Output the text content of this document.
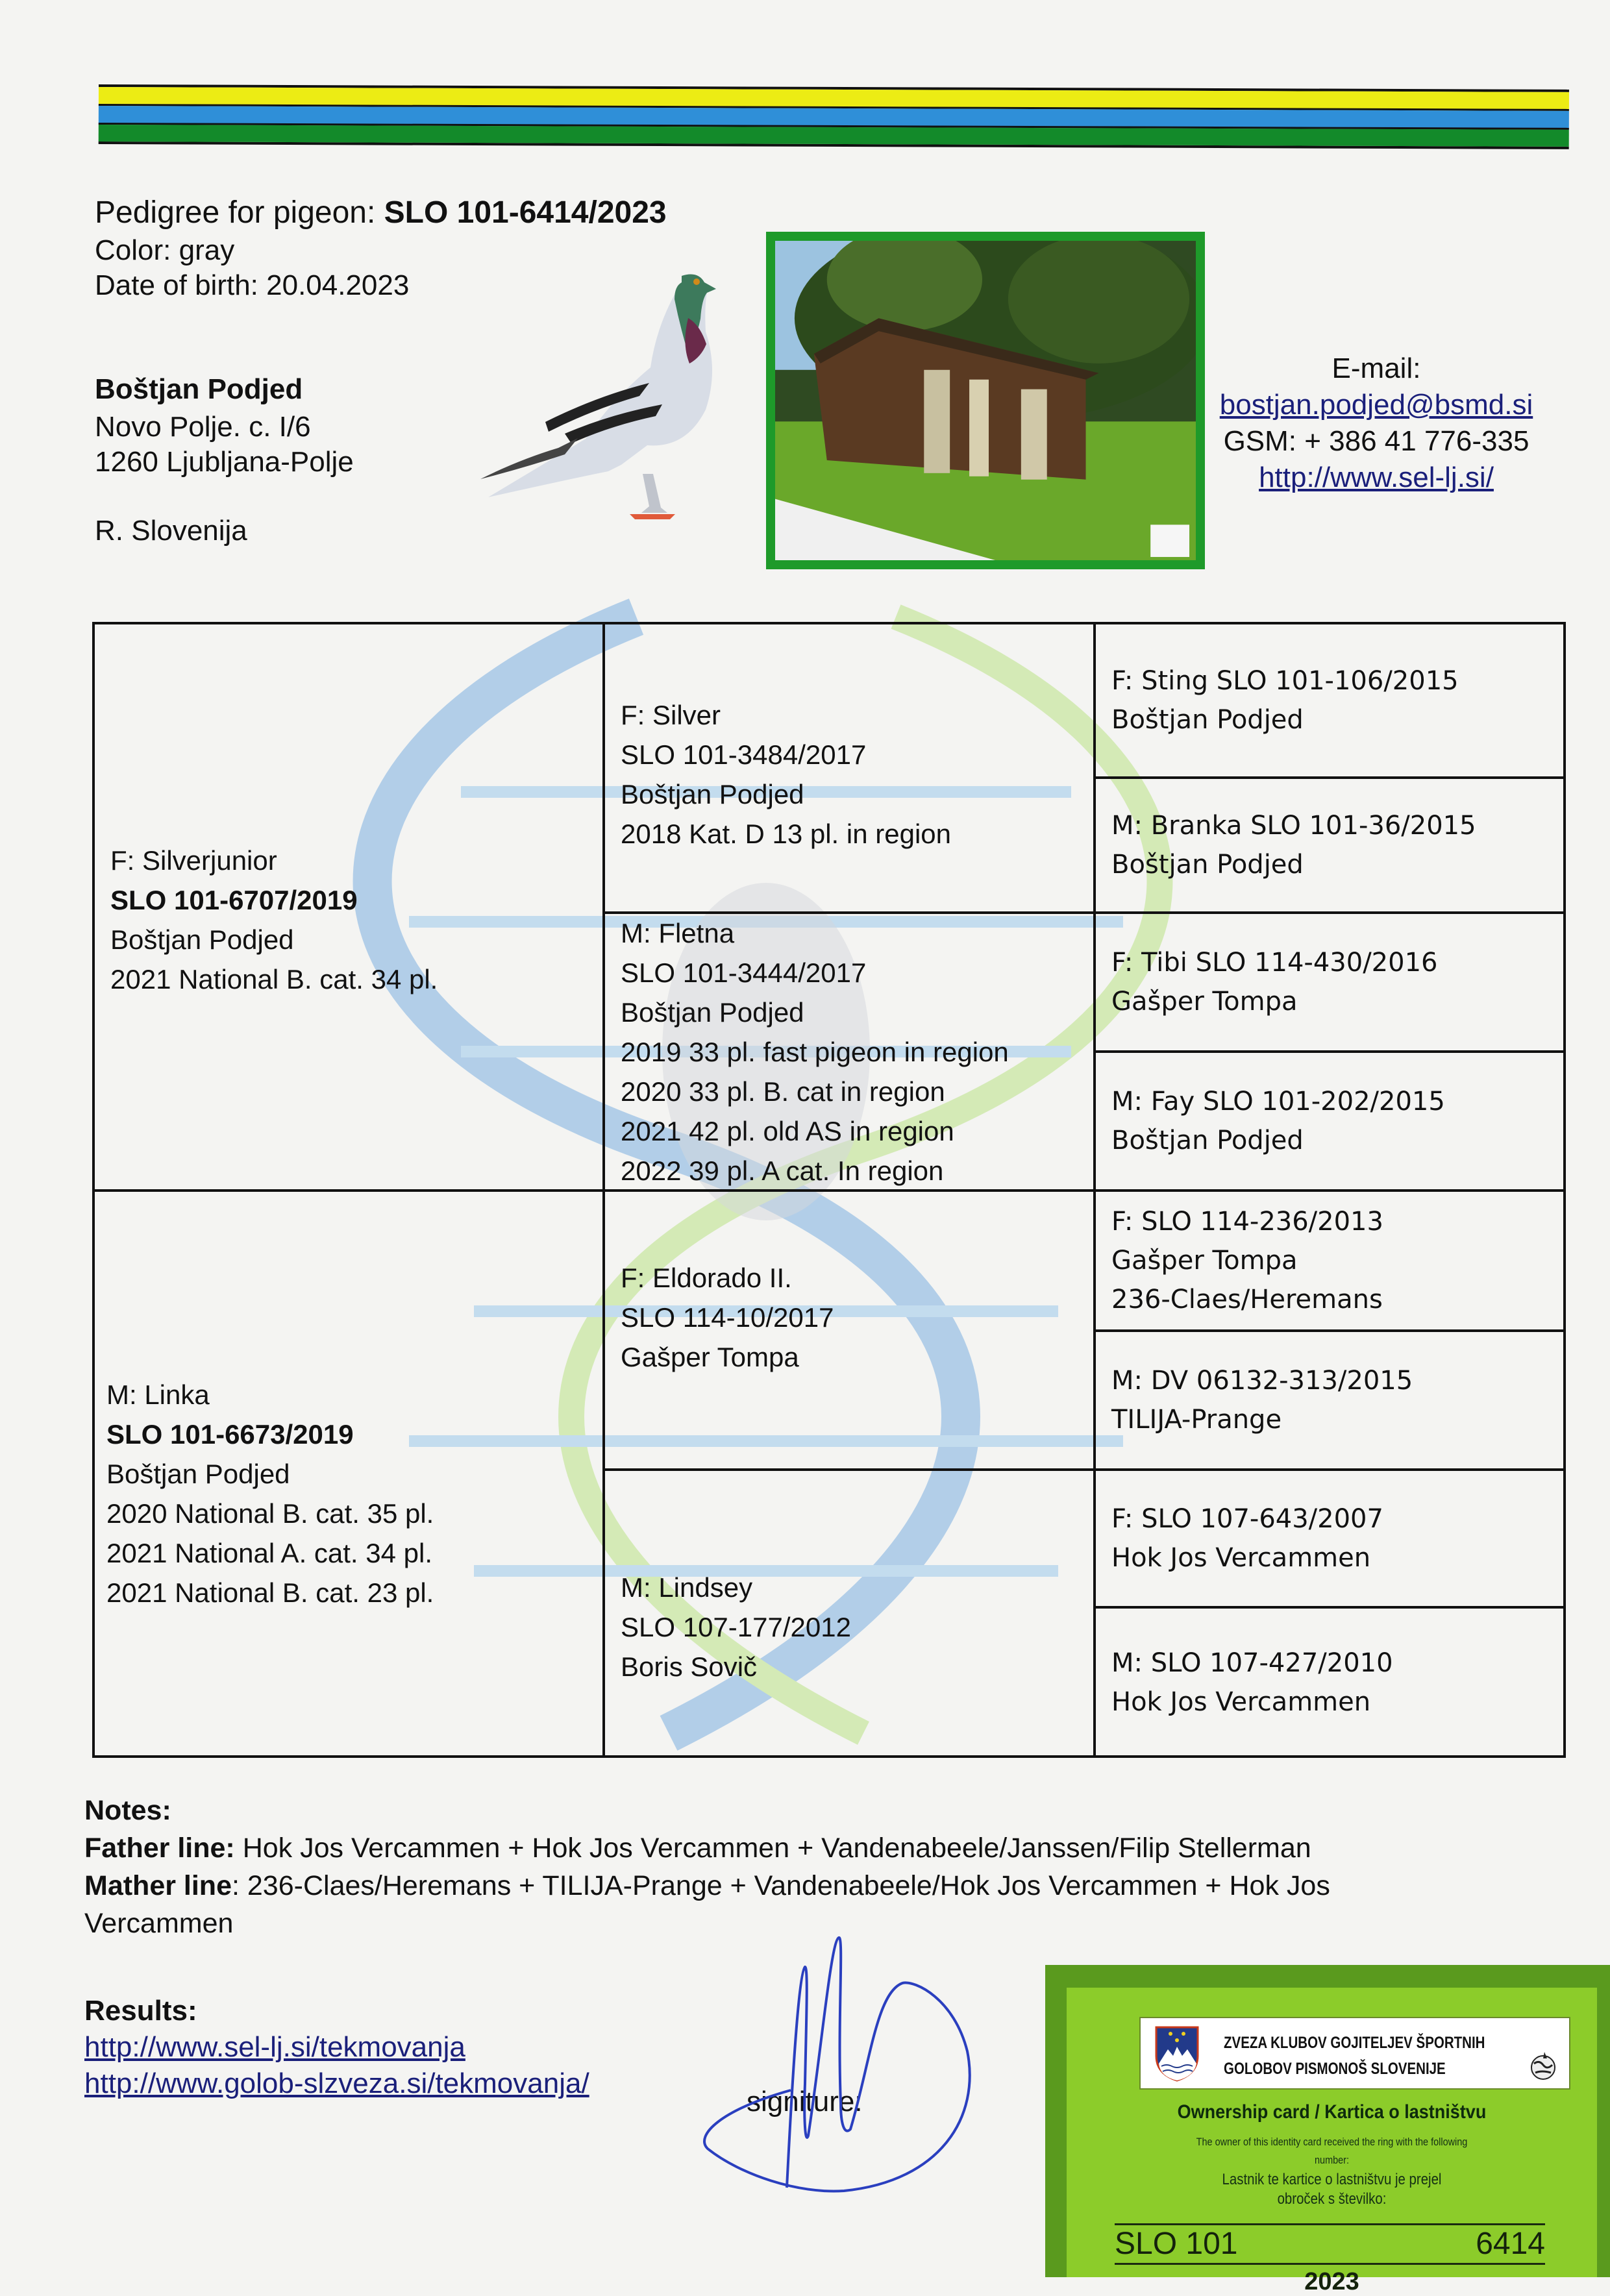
Pedigree for pigeon: SLO 101-6414/2023
Color: gray
Date of birth: 20.04.2023
Boštjan Podjed
Novo Polje. c. I/6
1260 Ljubljana-Polje
R. Slovenija
E-mail:
bostjan.podjed@bsmd.si
GSM: + 386 41 776-335
http://www.sel-lj.si/
F: Silverjunior
SLO 101-6707/2019
Boštjan Podjed
2021 National B. cat. 34 pl.
M: Linka
SLO 101-6673/2019
Boštjan Podjed
2020 National B. cat. 35 pl.
2021 National A. cat. 34 pl.
2021 National B. cat. 23 pl.
F: Silver
SLO 101-3484/2017
Boštjan Podjed
2018 Kat. D 13 pl. in region
M: Fletna
SLO 101-3444/2017
Boštjan Podjed
2019 33 pl. fast pigeon in region
2020 33 pl. B. cat in region
2021 42 pl. old AS in region
2022 39 pl. A cat. In region
F: Eldorado II.
SLO 114-10/2017
Gašper Tompa
M: Lindsey
SLO 107-177/2012
Boris Sovič
F: Sting SLO 101-106/2015
Boštjan Podjed
M: Branka SLO 101-36/2015
Boštjan Podjed
F: Tibi SLO 114-430/2016
Gašper Tompa
M: Fay SLO 101-202/2015
Boštjan Podjed
F: SLO 114-236/2013
Gašper Tompa
236-Claes/Heremans
M: DV 06132-313/2015
TILIJA-Prange
F: SLO 107-643/2007
Hok Jos Vercammen
M: SLO 107-427/2010
Hok Jos Vercammen
Notes:
Father line: Hok Jos Vercammen + Hok Jos Vercammen + Vandenabeele/Janssen/Filip Stellerman
Mather line: 236-Claes/Heremans + TILIJA-Prange + Vandenabeele/Hok Jos Vercammen + Hok Jos
Vercammen
Results:
http://www.sel-lj.si/tekmovanja
http://www.golob-slzveza.si/tekmovanja/
signiture:
ZVEZA KLUBOV GOJITELJEV ŠPORTNIH
GOLOBOV PISMONOŠ SLOVENIJE
Ownership card / Kartica o lastništvu
The owner of this identity card received the ring with the following
number:
Lastnik te kartice o lastništvu je prejel
obroček s številko:
SLO 101	6414
2023
